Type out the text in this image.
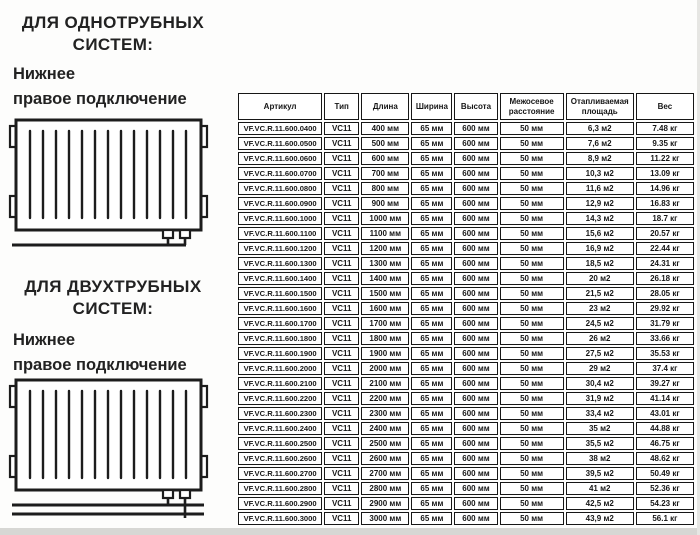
ДЛЯ ОДНОТРУБНЫХ
СИСТЕМ:
Нижнее
правое подключение
ДЛЯ ДВУХТРУБНЫХ
СИСТЕМ:
Нижнее
правое подключение
Артикул	Тип	Длина	Ширина	Высота	Межосевое расстояние	Отапливаемая площадь	Вес
VF.VC.R.11.600.0400	VC11	400 мм	65 мм	600 мм	50 мм	6,3 м2	7.48 кг
VF.VC.R.11.600.0500	VC11	500 мм	65 мм	600 мм	50 мм	7,6 м2	9.35 кг
VF.VC.R.11.600.0600	VC11	600 мм	65 мм	600 мм	50 мм	8,9 м2	11.22 кг
VF.VC.R.11.600.0700	VC11	700 мм	65 мм	600 мм	50 мм	10,3 м2	13.09 кг
VF.VC.R.11.600.0800	VC11	800 мм	65 мм	600 мм	50 мм	11,6 м2	14.96 кг
VF.VC.R.11.600.0900	VC11	900 мм	65 мм	600 мм	50 мм	12,9 м2	16.83 кг
VF.VC.R.11.600.1000	VC11	1000 мм	65 мм	600 мм	50 мм	14,3 м2	18.7 кг
VF.VC.R.11.600.1100	VC11	1100 мм	65 мм	600 мм	50 мм	15,6 м2	20.57 кг
VF.VC.R.11.600.1200	VC11	1200 мм	65 мм	600 мм	50 мм	16,9 м2	22.44 кг
VF.VC.R.11.600.1300	VC11	1300 мм	65 мм	600 мм	50 мм	18,5 м2	24.31 кг
VF.VC.R.11.600.1400	VC11	1400 мм	65 мм	600 мм	50 мм	20 м2	26.18 кг
VF.VC.R.11.600.1500	VC11	1500 мм	65 мм	600 мм	50 мм	21,5 м2	28.05 кг
VF.VC.R.11.600.1600	VC11	1600 мм	65 мм	600 мм	50 мм	23 м2	29.92 кг
VF.VC.R.11.600.1700	VC11	1700 мм	65 мм	600 мм	50 мм	24,5 м2	31.79 кг
VF.VC.R.11.600.1800	VC11	1800 мм	65 мм	600 мм	50 мм	26 м2	33.66 кг
VF.VC.R.11.600.1900	VC11	1900 мм	65 мм	600 мм	50 мм	27,5 м2	35.53 кг
VF.VC.R.11.600.2000	VC11	2000 мм	65 мм	600 мм	50 мм	29 м2	37.4 кг
VF.VC.R.11.600.2100	VC11	2100 мм	65 мм	600 мм	50 мм	30,4 м2	39.27 кг
VF.VC.R.11.600.2200	VC11	2200 мм	65 мм	600 мм	50 мм	31,9 м2	41.14 кг
VF.VC.R.11.600.2300	VC11	2300 мм	65 мм	600 мм	50 мм	33,4 м2	43.01 кг
VF.VC.R.11.600.2400	VC11	2400 мм	65 мм	600 мм	50 мм	35 м2	44.88 кг
VF.VC.R.11.600.2500	VC11	2500 мм	65 мм	600 мм	50 мм	35,5 м2	46.75 кг
VF.VC.R.11.600.2600	VC11	2600 мм	65 мм	600 мм	50 мм	38 м2	48.62 кг
VF.VC.R.11.600.2700	VC11	2700 мм	65 мм	600 мм	50 мм	39,5 м2	50.49 кг
VF.VC.R.11.600.2800	VC11	2800 мм	65 мм	600 мм	50 мм	41 м2	52.36 кг
VF.VC.R.11.600.2900	VC11	2900 мм	65 мм	600 мм	50 мм	42,5 м2	54.23 кг
VF.VC.R.11.600.3000	VC11	3000 мм	65 мм	600 мм	50 мм	43,9 м2	56.1 кг
